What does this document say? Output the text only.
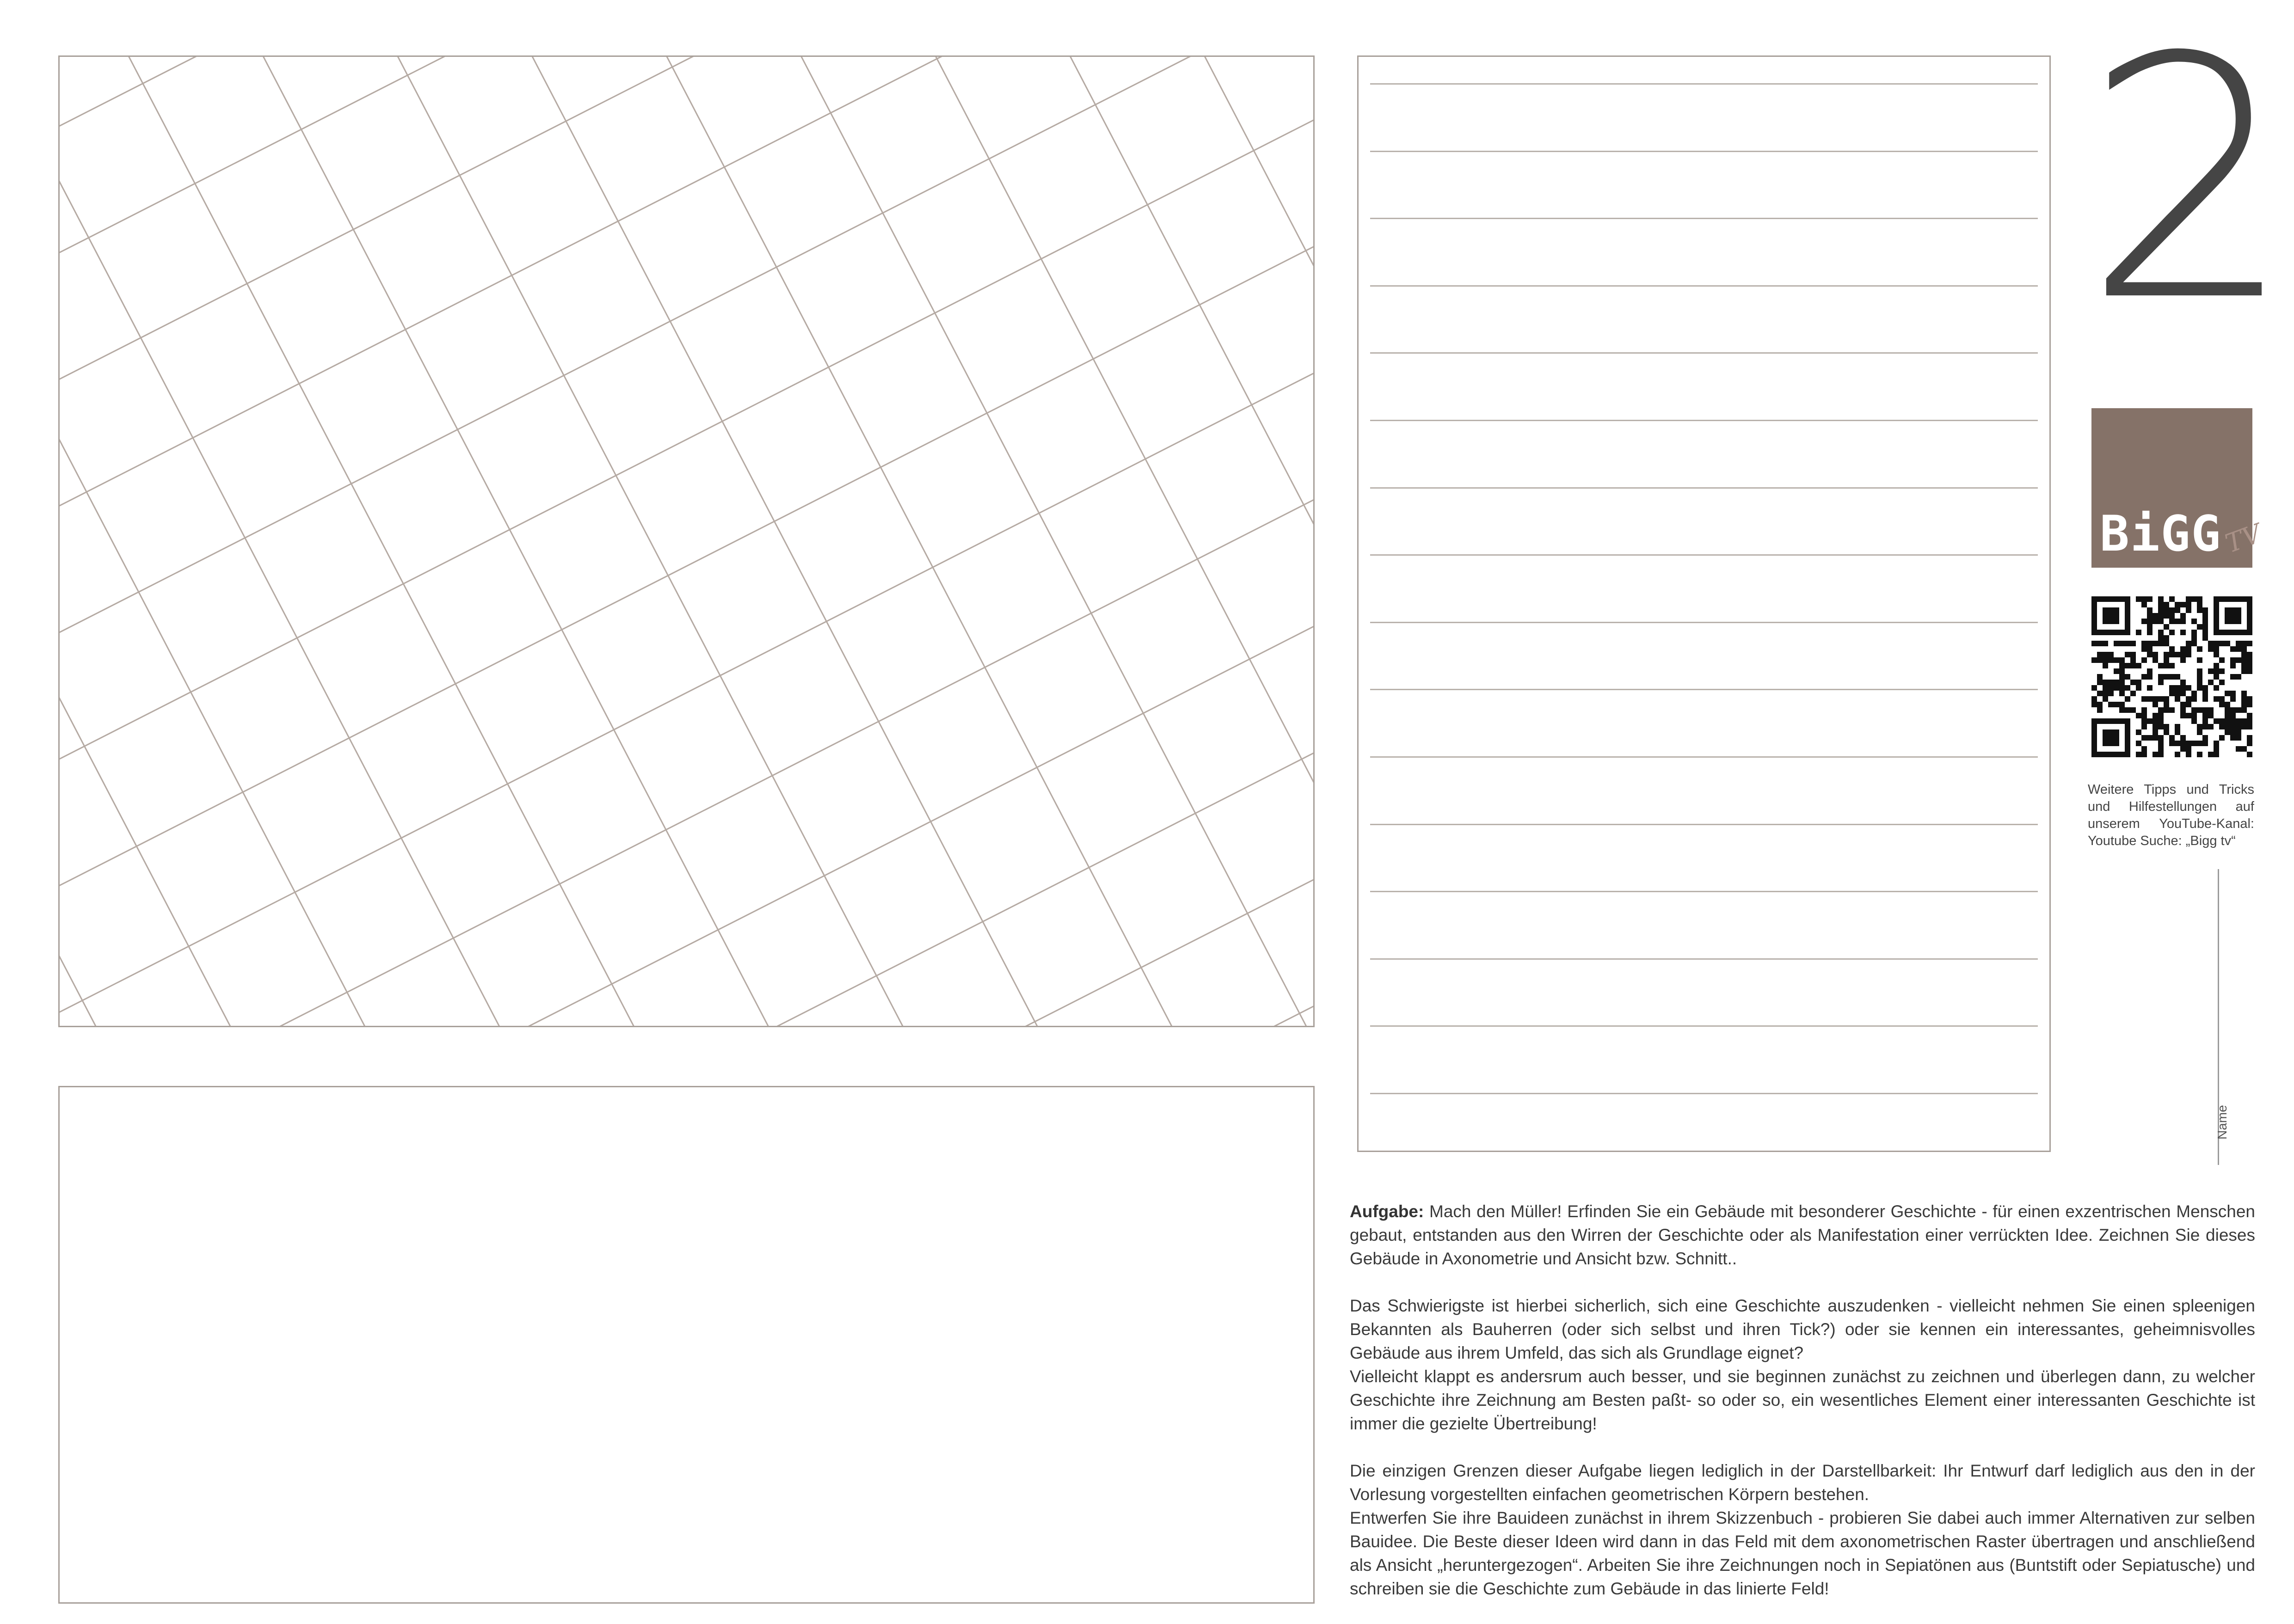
2
BiGG TV
Weitere Tipps und Tricks und Hilfestellungen auf unserem YouTube-Kanal: Youtube Suche: „Bigg tv“
Name

Aufgabe: Mach den Müller! Erfinden Sie ein Gebäude mit besonderer Geschichte - für einen exzentrischen Menschen gebaut, entstanden aus den Wirren der Geschichte oder als Manifestation einer verrückten Idee. Zeichnen Sie dieses Gebäude in Axonometrie und Ansicht bzw. Schnitt..

Das Schwierigste ist hierbei sicherlich, sich eine Geschichte auszudenken - vielleicht nehmen Sie einen spleenigen Bekannten als Bauherren (oder sich selbst und ihren Tick?) oder sie kennen ein interessantes, geheimnisvolles Gebäude aus ihrem Umfeld, das sich als Grundlage eignet?
Vielleicht klappt es andersrum auch besser, und sie beginnen zunächst zu zeichnen und überlegen dann, zu welcher Geschichte ihre Zeichnung am Besten paßt- so oder so, ein wesentliches Element einer interessanten Geschichte ist immer die gezielte Übertreibung!

Die einzigen Grenzen dieser Aufgabe liegen lediglich in der Darstellbarkeit: Ihr Entwurf darf lediglich aus den in der Vorlesung vorgestellten einfachen geometrischen Körpern bestehen.
Entwerfen Sie ihre Bauideen zunächst in ihrem Skizzenbuch - probieren Sie dabei auch immer Alternativen zur selben Bauidee. Die Beste dieser Ideen wird dann in das Feld mit dem axonometrischen Raster übertragen und anschließend als Ansicht „heruntergezogen“. Arbeiten Sie ihre Zeichnungen noch in Sepiatönen aus (Buntstift oder Sepiatusche) und schreiben sie die Geschichte zum Gebäude in das linierte Feld!
